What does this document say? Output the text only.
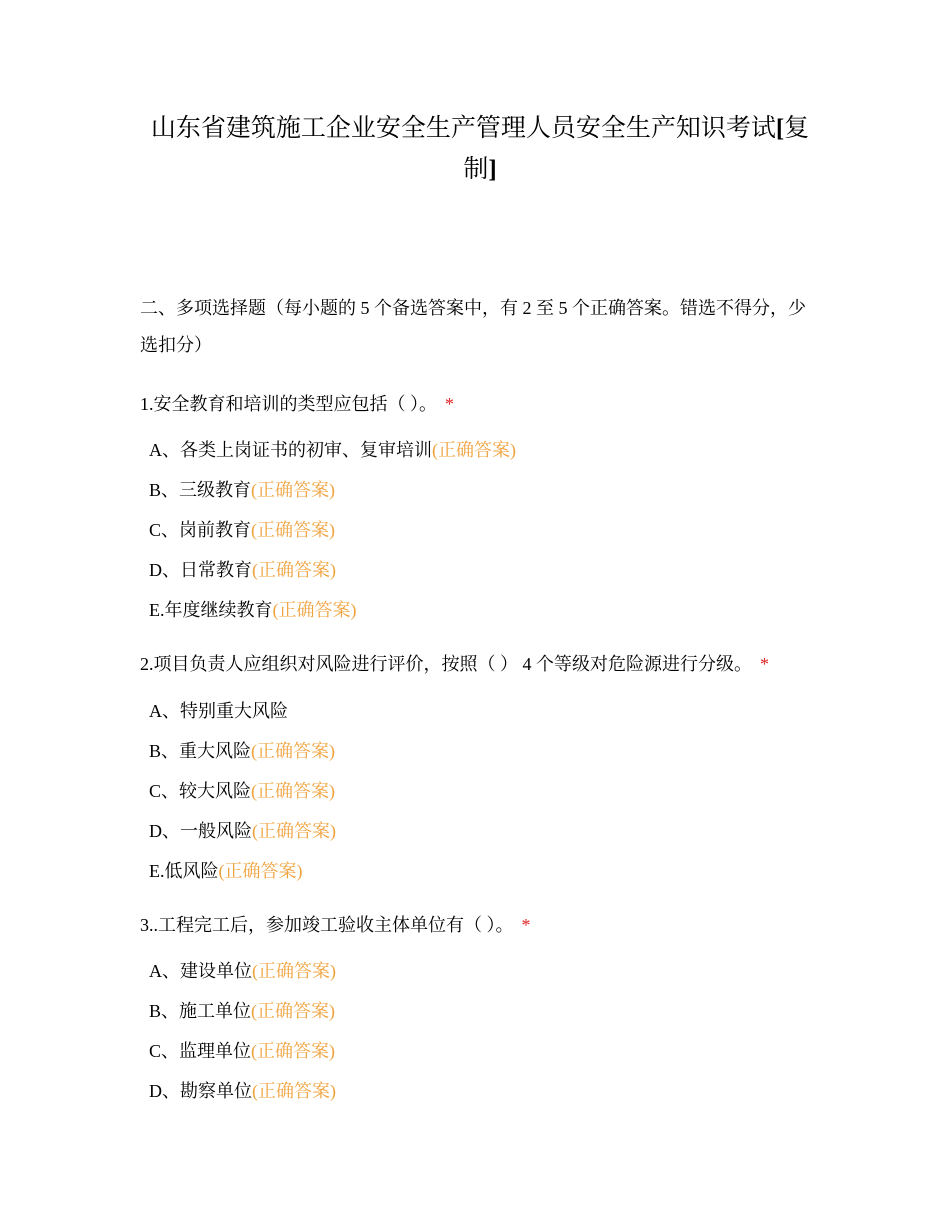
山东省建筑施工企业安全生产管理人员安全生产知识考试[复制]

二、多项选择题（每小题的 5 个备选答案中，有 2 至 5 个正确答案。错选不得分，少选扣分）

1.安全教育和培训的类型应包括（ ）。 *

A、各类上岗证书的初审、复审培训(正确答案)
B、三级教育(正确答案)
C、岗前教育(正确答案)
D、日常教育(正确答案)
E.年度继续教育(正确答案)

2.项目负责人应组织对风险进行评价，按照（ ） 4 个等级对危险源进行分级。 *

A、特别重大风险
B、重大风险(正确答案)
C、较大风险(正确答案)
D、一般风险(正确答案)
E.低风险(正确答案)

3..工程完工后，参加竣工验收主体单位有（ ）。 *

A、建设单位(正确答案)
B、施工单位(正确答案)
C、监理单位(正确答案)
D、勘察单位(正确答案)
